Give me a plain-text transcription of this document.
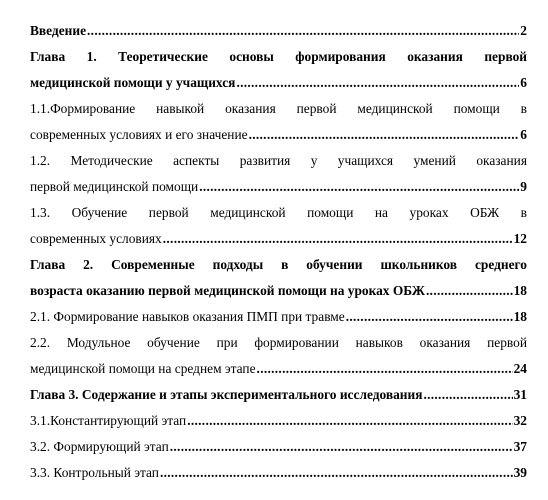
Введение .....	2
Глава 1. Теоретические основы формирования оказания первой
медицинской помощи у учащихся .....	6
1.1.Формирование навыкой оказания первой медицинской помощи в
современных условиях и его значение .....	6
1.2. Методические аспекты развития у учащихся умений оказания
первой медицинской помощи .....	9
1.3. Обучение первой медицинской помощи на уроках ОБЖ в
современных условиях .....	12
Глава 2. Современные подходы в обучении школьников среднего
возраста оказанию первой медицинской помощи на уроках ОБЖ .....	18
2.1. Формирование навыков оказания ПМП при травме .....	18
2.2. Модульное обучение при формировании навыков оказания первой
медицинской помощи на среднем этапе .....	24
Глава 3. Содержание и этапы экспериментального исследования .....	31
3.1.Константирующий этап .....	32
3.2. Формирующий этап .....	37
3.3. Контрольный этап .....	39
